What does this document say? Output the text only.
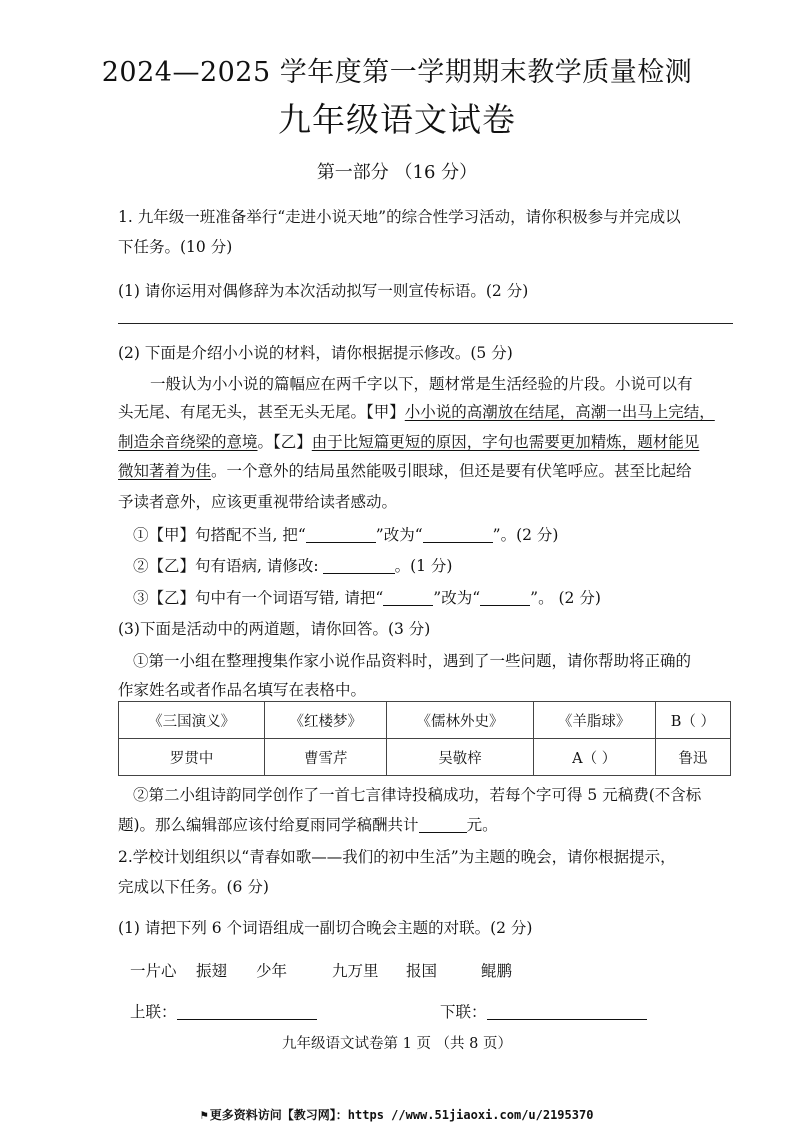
2024—2025 学年度第一学期期末教学质量检测
九年级语文试卷
第一部分 （16 分）
1. 九年级一班准备举行“走进小说天地”的综合性学习活动，请你积极参与并完成以
下任务。(10 分)
(1) 请你运用对偶修辞为本次活动拟写一则宣传标语。(2 分)
(2) 下面是介绍小小说的材料，请你根据提示修改。(5 分)
一般认为小小说的篇幅应在两千字以下，题材常是生活经验的片段。小说可以有
头无尾、有尾无头，甚至无头无尾。【甲】小小说的高潮放在结尾，高潮一出马上完结，
制造余音绕梁的意境。【乙】由于比短篇更短的原因，字句也需要更加精炼，题材能见
微知著着为佳。一个意外的结局虽然能吸引眼球，但还是要有伏笔呼应。甚至比起给
予读者意外，应该更重视带给读者感动。
①【甲】句搭配不当, 把“	”改为“	”。(2 分)
②【乙】句有语病, 请修改:	。(1 分)
③【乙】句中有一个词语写错, 请把“	”改为“	”。 (2 分)
(3)下面是活动中的两道题，请你回答。(3 分)
①第一小组在整理搜集作家小说作品资料时，遇到了一些问题，请你帮助将正确的
作家姓名或者作品名填写在表格中。
《三国演义》	《红楼梦》	《儒林外史》	《羊脂球》	B（ ）
罗贯中	曹雪芹	吴敬梓	A（ ）	鲁迅
②第二小组诗韵同学创作了一首七言律诗投稿成功，若每个字可得 5 元稿费(不含标
题)。那么编辑部应该付给夏雨同学稿酬共计	元。
2.学校计划组织以“青春如歌——我们的初中生活”为主题的晚会，请你根据提示，
完成以下任务。(6 分)
(1) 请把下列 6 个词语组成一副切合晚会主题的对联。(2 分)
一片心 振翅 少年	九万里 报国	鲲鹏
上联：	下联：
九年级语文试卷第 1 页 （共 8 页）
⚑ 更多资料访问【教习网】：https //www.51jiaoxi.com/u/2195370
